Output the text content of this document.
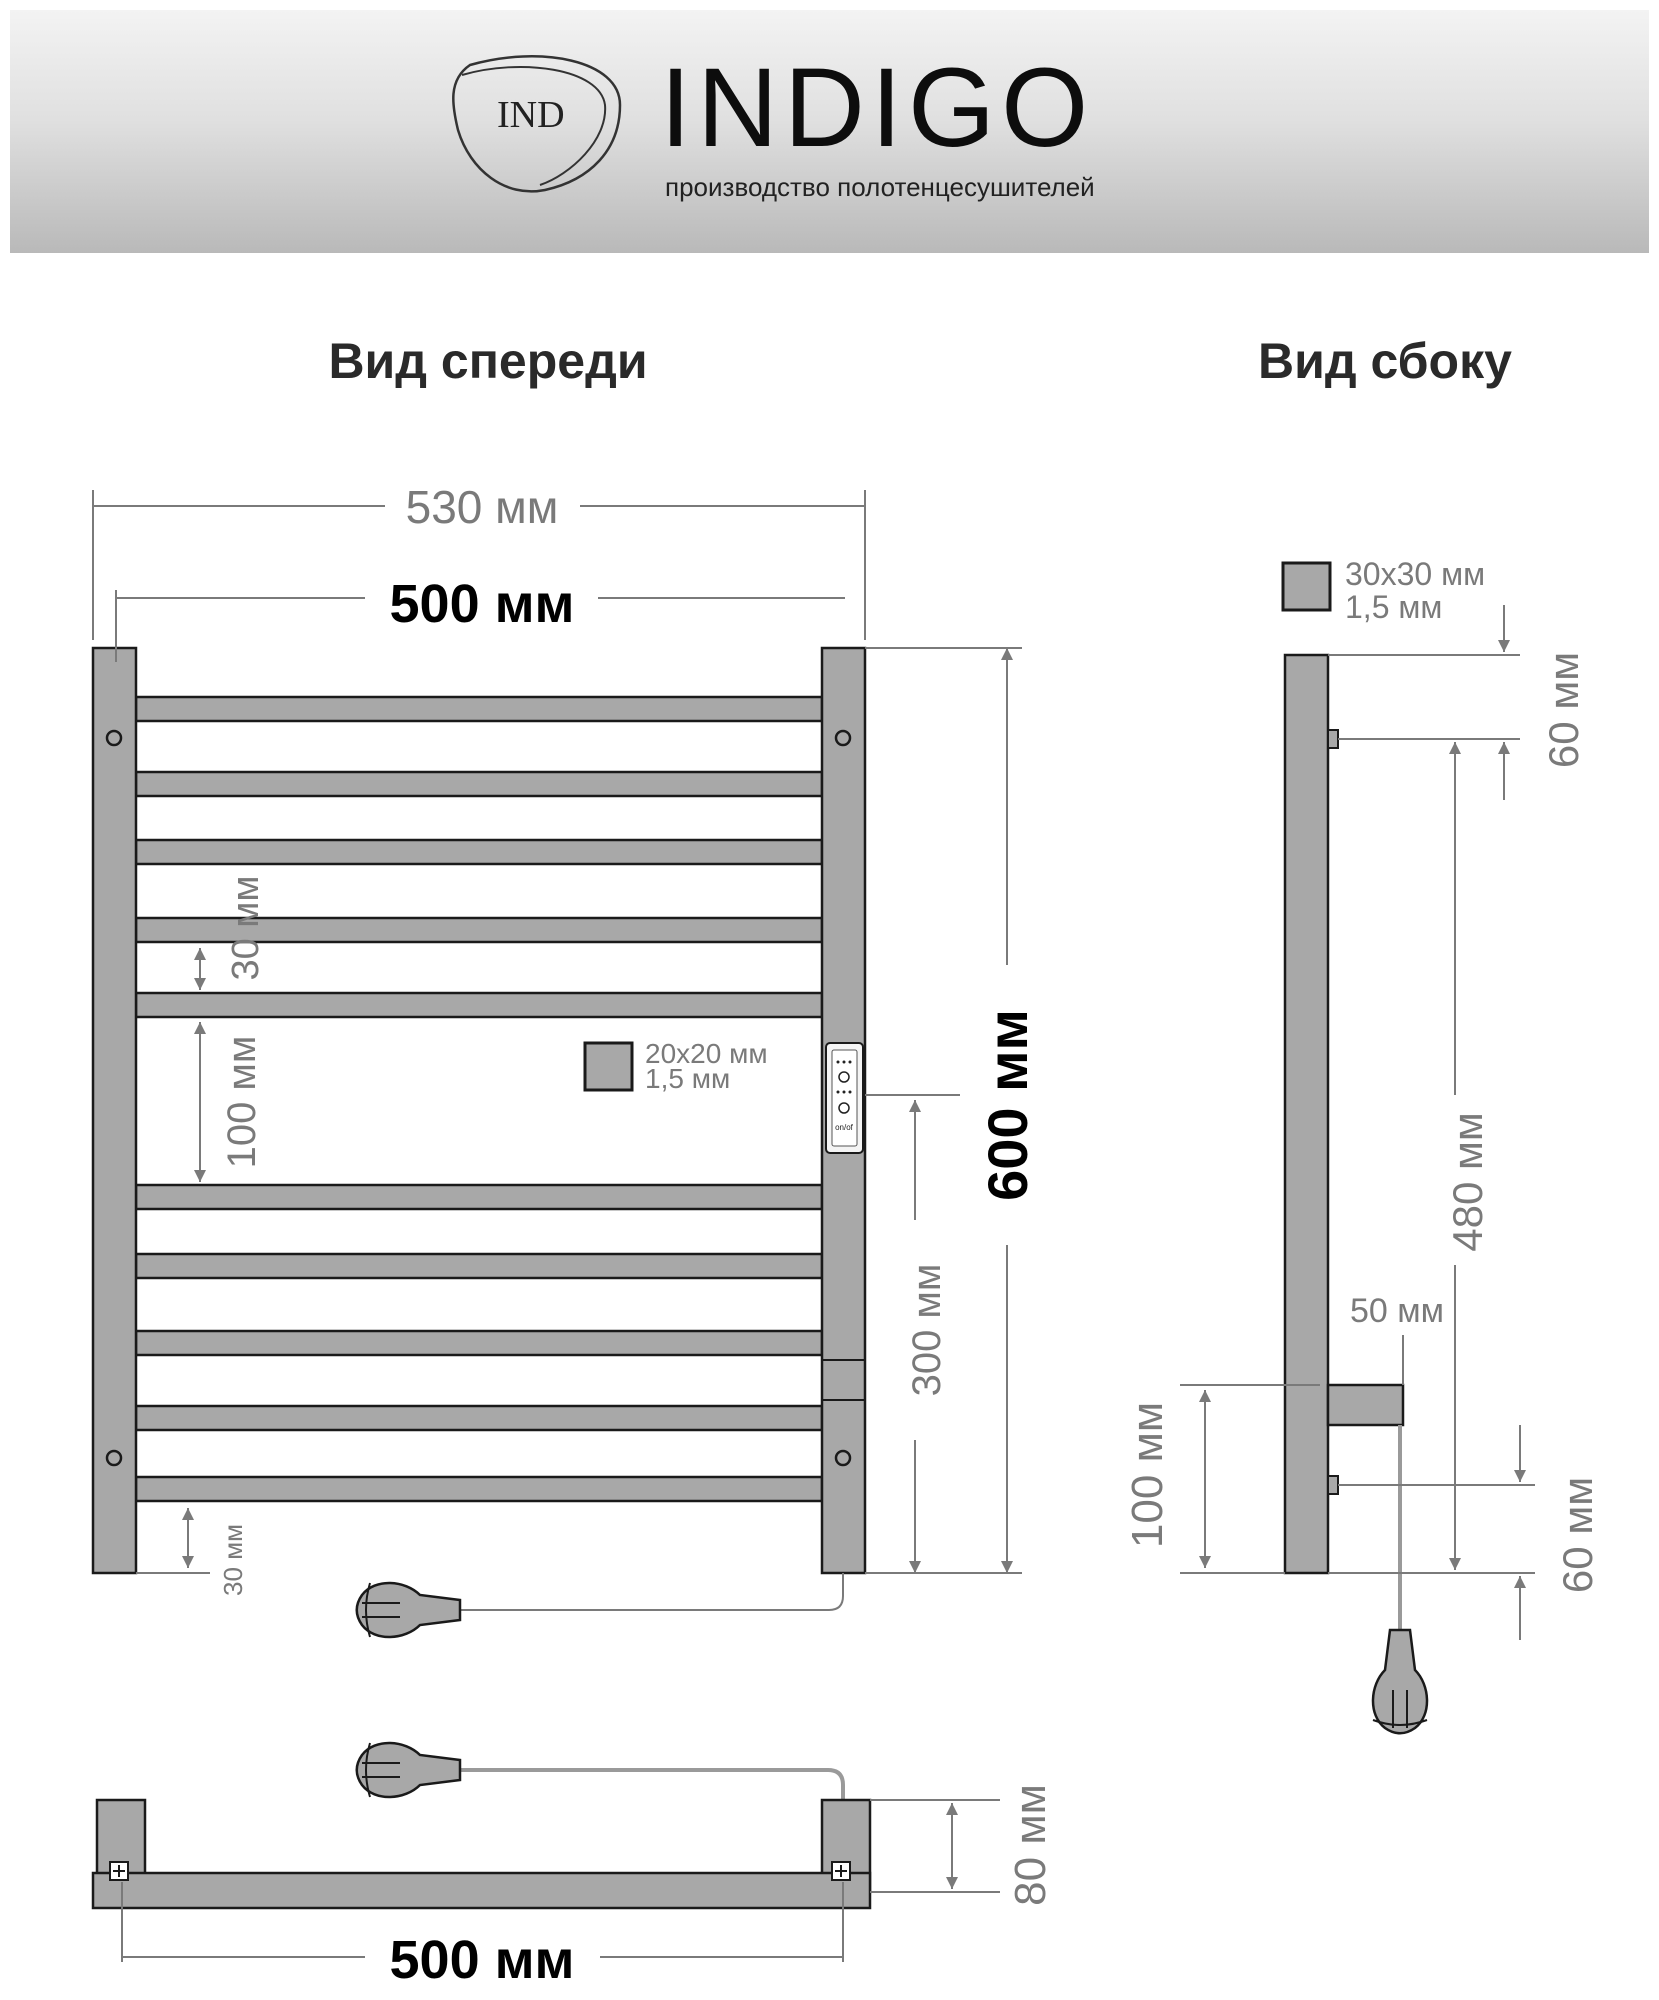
IND INDIGO
производство полотенцесушителей
Вид спереди	Вид сбоку
on/of
530 мм
500 мм
600 мм
300 мм
30 мм
100 мм
30 мм
20х20 мм
1,5 мм
30х30 мм
1,5 мм
60 мм
480 мм
50 мм
60 мм
100 мм
80 мм
500 мм
